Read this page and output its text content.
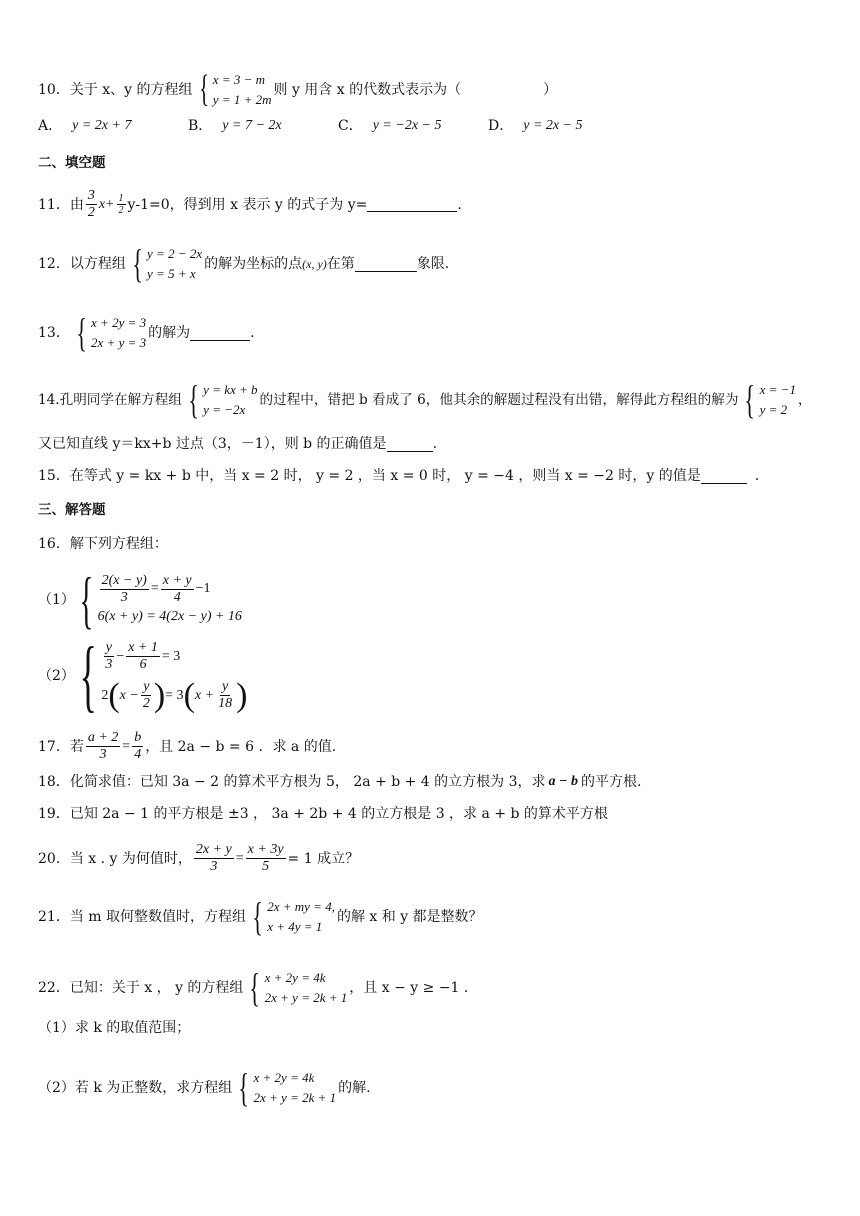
10． 关于 x、y 的方程组 { x = 3 − m
y = 1 + 2m
则 y 用含 x 的代数式表示为（	）
A． y = 2x + 7	B． y = 7 − 2x	C． y = −2x − 5	D． y = 2x − 5
二、填空题
11． 由 $\frac{3}{2} x+ \frac{1}{2} y-1=0$，得到用 x 表示 y 的式子为 y=	.
12． 以方程组 { y = 2 − 2x
y = 5 + x
的解为坐标的点 (x, y) 在第	象限.
13． { x + 2y = 3
2x + y = 3
的解为	.
14. 孔明同学在解方程组 { y = kx + b
y = −2x
的过程中，错把 b 看成了 6，他其余的解题过程没有出错，解得此方程组的解为 { x = −1
y = 2
，
又已知直线 y＝kx+b 过点（3，－1），则 b 的正确值是	.
15． 在等式 y = kx + b 中，当 x = 2 时， y = 2 ，当 x = 0 时， y = −4 ，则当 x = −2 时，y 的值是	.
三、解答题
16． 解下列方程组：
（1） { $\frac{2(x - y)}{3} = \frac{x + y}{4} -1$
6(x + y) = 4(2x − y) + 16
（2） { $\frac{y}{3} - \frac{x + 1}{6} = 3$
2 ( $x - \frac{y}{2}$ ) = 3 ( $x + \frac{y}{18}$ )
17． 若 $\frac{a + 2}{3} = \frac{b}{4}$ ，且 2a − b = 6 ．求 a 的值.
18． 化简求值：已知 3a − 2 的算术平方根为 5， 2a + b + 4 的立方根为 3，求 a − b 的平方根.
19． 已知 2a − 1 的平方根是 ±3 ， 3a + 2b + 4 的立方根是 3 ，求 a + b 的算术平方根
20． 当 x . y 为何值时， $\frac{2x + y}{3} = \frac{x + 3y}{5} = 1$ 成立？
21． 当 m 取何整数值时，方程组 { 2x + my = 4,
x + 4y = 1
的解 x 和 y 都是整数？
22． 已知：关于 x ， y 的方程组 { x + 2y = 4k
2x + y = 2k + 1
，且 x − y ≥ −1 .
（1）求 k 的取值范围；
（2）若 k 为正整数，求方程组 { x + 2y = 4k
2x + y = 2k + 1
的解.
